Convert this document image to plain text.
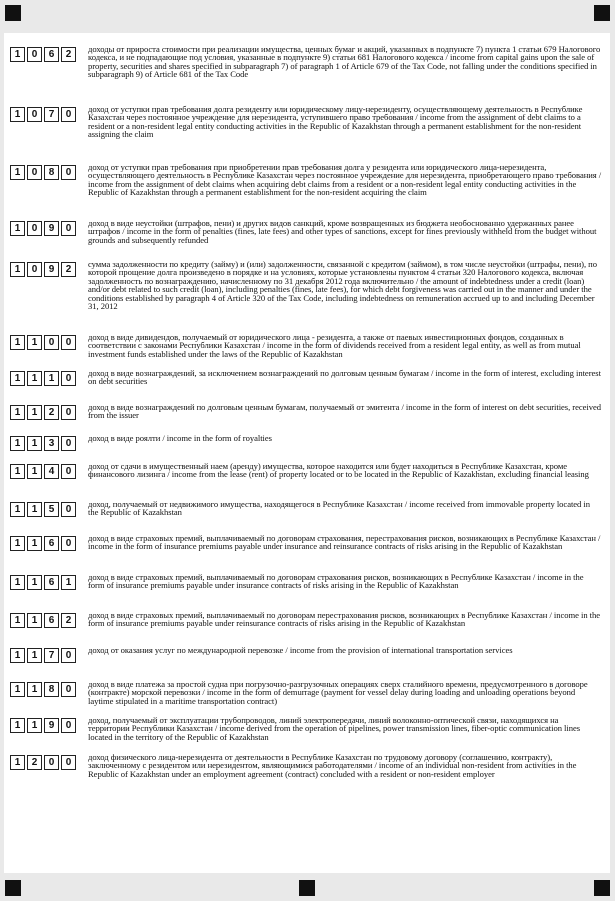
1	0	6	2	доходы от прироста стоимости при реализации имущества, ценных бумаг и акций, указанных в подпункте 7) пункта 1 статьи 679 Налогового кодекса, и не подпадающие под условия, указанные в подпункте 9) статьи 681 Налогового кодекса / income from capital gains upon the sale of property, securities and shares specified in subparagraph 7) of paragraph 1 of Article 679 of the Tax Code, not falling under the conditions specified in subparagraph 9) of Article 681 of the Tax Code
1	0	7	0	доход от уступки прав требования долга резиденту или юридическому лицу-нерезиденту, осуществляющему деятельность в Республике Казахстан через постоянное учреждение для нерезидента, уступившего право требования / income from the assignment of debt claims to a resident or a non-resident legal entity conducting activities in the Republic of Kazakhstan through a permanent establishment for the non-resident assigning the claim
1	0	8	0	доход от уступки прав требования при приобретении прав требования долга у резидента или юридического лица-нерезидента, осуществляющего деятельность в Республике Казахстан через постоянное учреждение для нерезидента, приобретающего право требования / income from the assignment of debt claims when acquiring debt claims from a resident or a non-resident legal entity conducting activities in the Republic of Kazakhstan through a permanent establishment for the non-resident acquiring the claim
1	0	9	0	доход в виде неустойки (штрафов, пени) и других видов санкций, кроме возвращенных из бюджета необоснованно удержанных ранее штрафов / income in the form of penalties (fines, late fees) and other types of sanctions, except for fines previously withheld from the budget without grounds and subsequently refunded
1	0	9	2	сумма задолженности по кредиту (займу) и (или) задолженности, связанной с кредитом (займом), в том числе неустойки (штрафы, пени), по которой прощение долга произведено в порядке и на условиях, которые установлены пунктом 4 статьи 320 Налогового кодекса, включая задолженность по вознаграждению, начисленному по 31 декабря 2012 года включительно / the amount of indebtedness under a credit (loan) and/or debt related to such credit (loan), including penalties (fines, late fees), for which debt forgiveness was carried out in the manner and under the conditions established by paragraph 4 of Article 320 of the Tax Code, including indebtedness on remuneration accrued up to and including December 31, 2012
1	1	0	0	доход в виде дивидендов, получаемый от юридического лица - резидента, а также от паевых инвестиционных фондов, созданных в соответствии с законами Республики Казахстан / income in the form of dividends received from a resident legal entity, as well as from mutual investment funds established under the laws of the Republic of Kazakhstan
1	1	1	0	доход в виде вознаграждений, за исключением вознаграждений по долговым ценным бумагам / income in the form of interest, excluding interest on debt securities
1	1	2	0	доход в виде вознаграждений по долговым ценным бумагам, получаемый от эмитента / income in the form of interest on debt securities, received from the issuer
1	1	3	0	доход в виде роялти / income in the form of royalties
1	1	4	0	доход от сдачи в имущественный наем (аренду) имущества, которое находится или будет находиться в Республике Казахстан, кроме финансового лизинга / income from the lease (rent) of property located or to be located in the Republic of Kazakhstan, excluding financial leasing
1	1	5	0	доход, получаемый от недвижимого имущества, находящегося в Республике Казахстан / income received from immovable property located in the Republic of Kazakhstan
1	1	6	0	доход в виде страховых премий, выплачиваемый по договорам страхования, перестрахования рисков, возникающих в Республике Казахстан / income in the form of insurance premiums payable under insurance and reinsurance contracts of risks arising in the Republic of Kazakhstan
1	1	6	1	доход в виде страховых премий, выплачиваемый по договорам страхования рисков, возникающих в Республике Казахстан / income in the form of insurance premiums payable under insurance contracts of risks arising in the Republic of Kazakhstan
1	1	6	2	доход в виде страховых премий, выплачиваемый по договорам перестрахования рисков, возникающих в Республике Казахстан / income in the form of insurance premiums payable under reinsurance contracts of risks arising in the Republic of Kazakhstan
1	1	7	0	доход от оказания услуг по международной перевозке / income from the provision of international transportation services
1	1	8	0	доход в виде платежа за простой судна при погрузочно-разгрузочных операциях сверх сталийного времени, предусмотренного в договоре (контракте) морской перевозки / income in the form of demurrage (payment for vessel delay during loading and unloading operations beyond laytime stipulated in a maritime transportation contract)
1	1	9	0	доход, получаемый от эксплуатации трубопроводов, линий электропередачи, линий волоконно-оптической связи, находящихся на территории Республики Казахстан / income derived from the operation of pipelines, power transmission lines, fiber-optic communication lines located in the territory of the Republic of Kazakhstan
1	2	0	0	доход физического лица-нерезидента от деятельности в Республике Казахстан по трудовому договору (соглашению, контракту), заключенному с резидентом или нерезидентом, являющимися работодателями / income of an individual non-resident from activities in the Republic of Kazakhstan under an employment agreement (contract) concluded with a resident or non-resident employer
